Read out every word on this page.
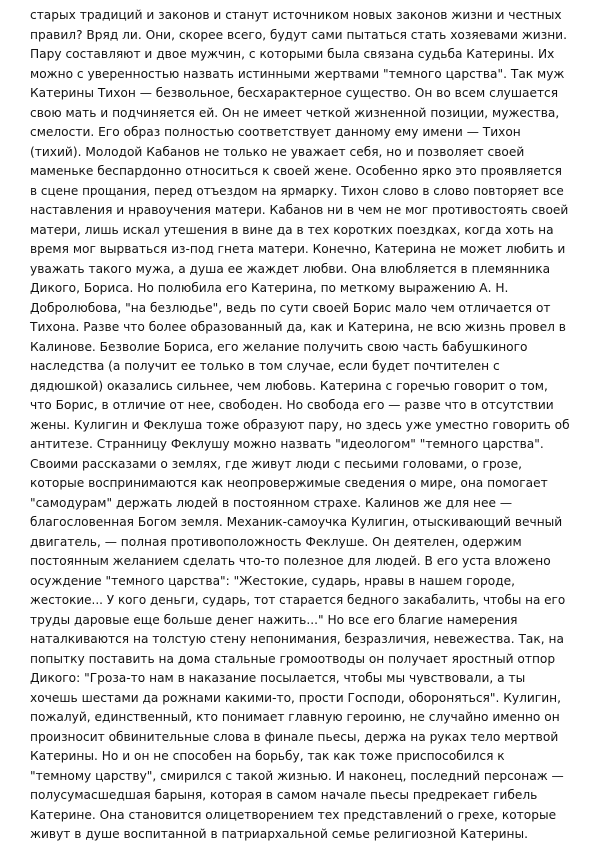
старых традиций и законов и станут источником новых законов жизни и честных
правил? Вряд ли. Они, скорее всего, будут сами пытаться стать хозяевами жизни.
Пару составляют и двое мужчин, с которыми была связана судьба Катерины. Их
можно с уверенностью назвать истинными жертвами "темного царства". Так муж
Катерины Тихон — безвольное, бесхарактерное существо. Он во всем слушается
свою мать и подчиняется ей. Он не имеет четкой жизненной позиции, мужества,
смелости. Его образ полностью соответствует данному ему имени — Тихон
(тихий). Молодой Кабанов не только не уважает себя, но и позволяет своей
маменьке беспардонно относиться к своей жене. Особенно ярко это проявляется
в сцене прощания, перед отъездом на ярмарку. Тихон слово в слово повторяет все
наставления и нравоучения матери. Кабанов ни в чем не мог противостоять своей
матери, лишь искал утешения в вине да в тех коротких поездках, когда хоть на
время мог вырваться из-под гнета матери. Конечно, Катерина не может любить и
уважать такого мужа, а душа ее жаждет любви. Она влюбляется в племянника
Дикого, Бориса. Но полюбила его Катерина, по меткому выражению А. Н.
Добролюбова, "на безлюдье", ведь по сути своей Борис мало чем отличается от
Тихона. Разве что более образованный да, как и Катерина, не всю жизнь провел в
Калинове. Безволие Бориса, его желание получить свою часть бабушкиного
наследства (а получит ее только в том случае, если будет почтителен с
дядюшкой) оказались сильнее, чем любовь. Катерина с горечью говорит о том,
что Борис, в отличие от нее, свободен. Но свобода его — разве что в отсутствии
жены. Кулигин и Феклуша тоже образуют пару, но здесь уже уместно говорить об
антитезе. Странницу Феклушу можно назвать "идеологом" "темного царства".
Своими рассказами о землях, где живут люди с песьими головами, о грозе,
которые воспринимаются как неопровержимые сведения о мире, она помогает
"самодурам" держать людей в постоянном страхе. Калинов же для нее —
благословенная Богом земля. Механик-самоучка Кулигин, отыскивающий вечный
двигатель, — полная противоположность Феклуше. Он деятелен, одержим
постоянным желанием сделать что-то полезное для людей. В его уста вложено
осуждение "темного царства": "Жестокие, сударь, нравы в нашем городе,
жестокие... У кого деньги, сударь, тот старается бедного закабалить, чтобы на его
труды даровые еще больше денег нажить..." Но все его благие намерения
наталкиваются на толстую стену непонимания, безразличия, невежества. Так, на
попытку поставить на дома стальные громоотводы он получает яростный отпор
Дикого: "Гроза-то нам в наказание посылается, чтобы мы чувствовали, а ты
хочешь шестами да рожнами какими-то, прости Господи, обороняться". Кулигин,
пожалуй, единственный, кто понимает главную героиню, не случайно именно он
произносит обвинительные слова в финале пьесы, держа на руках тело мертвой
Катерины. Но и он не способен на борьбу, так как тоже приспособился к
"темному царству", смирился с такой жизнью. И наконец, последний персонаж —
полусумасшедшая барыня, которая в самом начале пьесы предрекает гибель
Катерине. Она становится олицетворением тех представлений о грехе, которые
живут в душе воспитанной в патриархальной семье религиозной Катерины.
